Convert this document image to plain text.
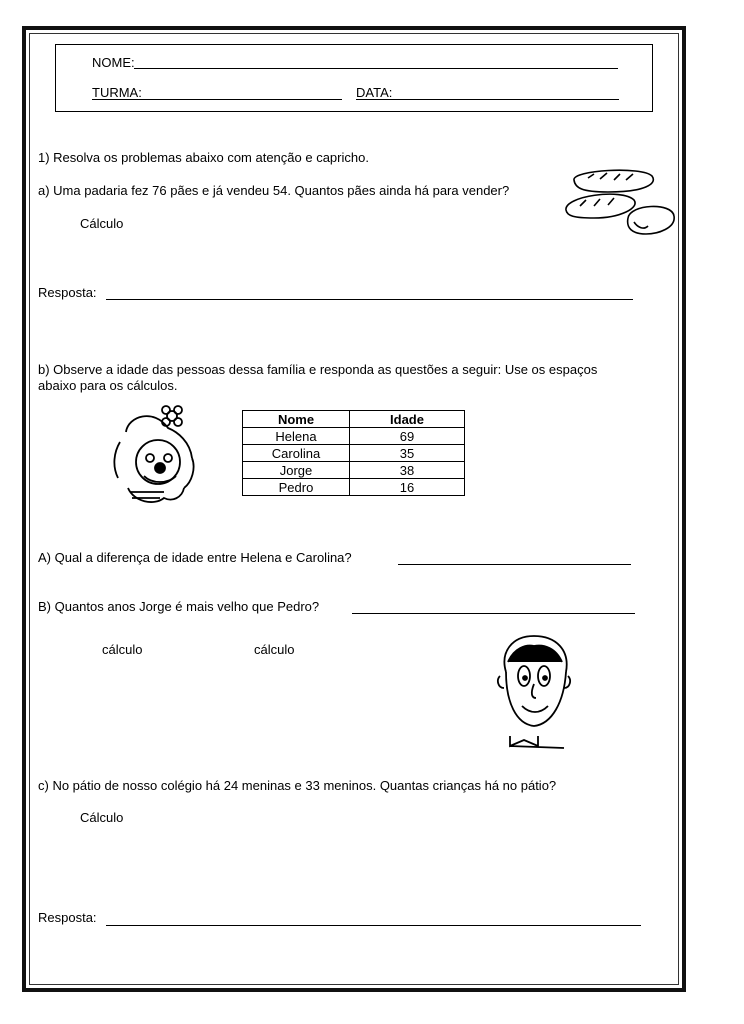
NOME:
TURMA:	DATA:
1) Resolva os problemas abaixo com atenção e capricho.
a) Uma padaria fez 76 pães e já vendeu 54. Quantos pães ainda há para vender?
Cálculo
Resposta:
b) Observe a idade das pessoas dessa família e responda as questões a seguir: Use os espaços
abaixo para os cálculos.
Nome	Idade
Helena	69
Carolina	35
Jorge	38
Pedro	16
A) Qual a diferença de idade entre Helena e Carolina?
B) Quantos anos Jorge é mais velho que Pedro?
cálculo	cálculo
c) No pátio de nosso colégio há 24 meninas e 33 meninos. Quantas crianças há no pátio?
Cálculo
Resposta:
